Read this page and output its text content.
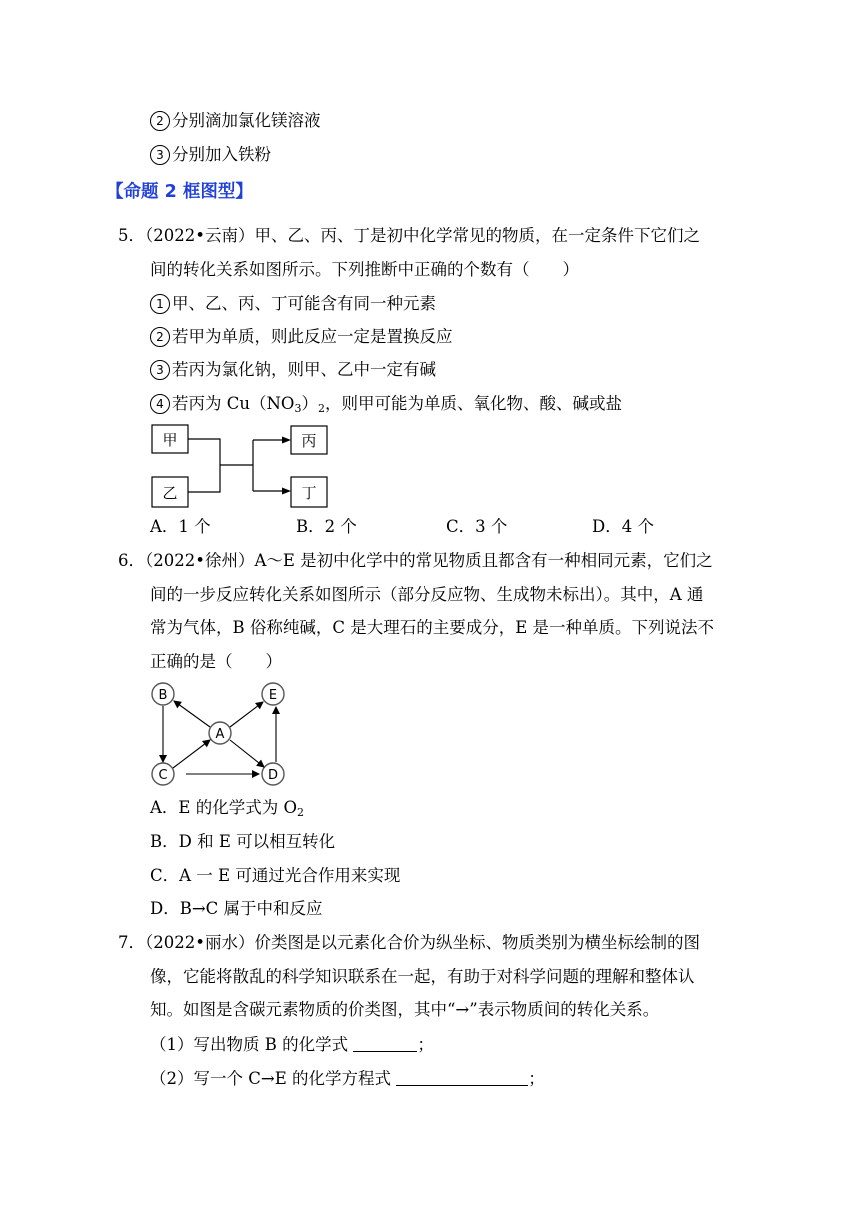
2 分别滴加氯化镁溶液
3 分别加入铁粉
【命题 2 框图型】
5．（2022•云南）甲、乙、丙、丁是初中化学常见的物质，在一定条件下它们之
间的转化关系如图所示。下列推断中正确的个数有（　　）
1 甲、乙、丙、丁可能含有同一种元素
2 若甲为单质，则此反应一定是置换反应
3 若丙为氯化钠，则甲、乙中一定有碱
4 若丙为 $Cu(NO_3)_2$，则甲可能为单质、氧化物、酸、碱或盐
甲
乙
丙
丁
A．1 个	B．2 个	C．3 个	D．4 个
6．（2022•徐州）A～E 是初中化学中的常见物质且都含有一种相同元素，它们之
间的一步反应转化关系如图所示（部分反应物、生成物未标出）。其中，A 通
常为气体，B 俗称纯碱，C 是大理石的主要成分，E 是一种单质。下列说法不
正确的是（　　）
B	E
A
C	D
A．E 的化学式为 $O_2$
B．D 和 E 可以相互转化
C．A 一 E 可通过光合作用来实现
D．B→C 属于中和反应
7．（2022•丽水）价类图是以元素化合价为纵坐标、物质类别为横坐标绘制的图
像，它能将散乱的科学知识联系在一起，有助于对科学问题的理解和整体认
知。如图是含碳元素物质的价类图，其中“→”表示物质间的转化关系。
（1）写出物质 B 的化学式	；
（2）写一个 C→E 的化学方程式	；
